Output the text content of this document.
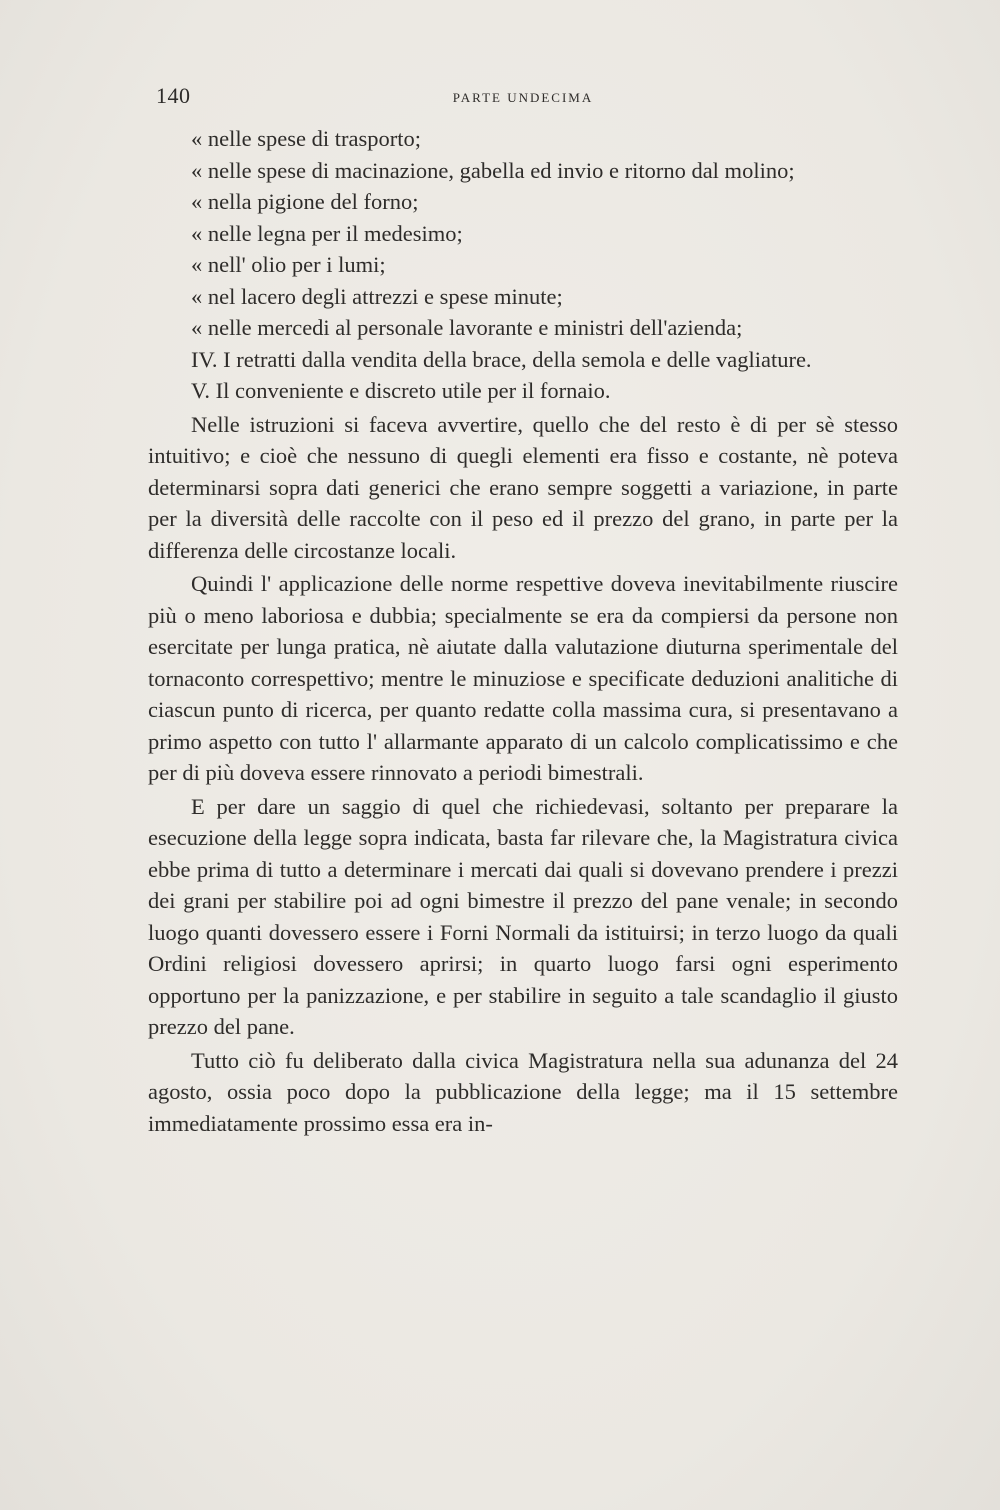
140	PARTE UNDECIMA

« nelle spese di trasporto;

« nelle spese di macinazione, gabella ed invio e ritorno dal molino;

« nella pigione del forno;

« nelle legna per il medesimo;

« nell' olio per i lumi;

« nel lacero degli attrezzi e spese minute;

« nelle mercedi al personale lavorante e ministri dell'azienda;

IV. I retratti dalla vendita della brace, della semola e delle vagliature.

V. Il conveniente e discreto utile per il fornaio.

Nelle istruzioni si faceva avvertire, quello che del resto è di per sè stesso intuitivo; e cioè che nessuno di quegli elementi era fisso e costante, nè poteva determinarsi sopra dati generici che erano sempre soggetti a variazione, in parte per la diversità delle raccolte con il peso ed il prezzo del grano, in parte per la differenza delle circostanze locali.

Quindi l' applicazione delle norme respettive doveva inevitabilmente riuscire più o meno laboriosa e dubbia; specialmente se era da compiersi da persone non esercitate per lunga pratica, nè aiutate dalla valutazione diuturna sperimentale del tornaconto correspettivo; mentre le minuziose e specificate deduzioni analitiche di ciascun punto di ricerca, per quanto redatte colla massima cura, si presentavano a primo aspetto con tutto l' allarmante apparato di un calcolo complicatissimo e che per di più doveva essere rinnovato a periodi bimestrali.

E per dare un saggio di quel che richiedevasi, soltanto per preparare la esecuzione della legge sopra indicata, basta far rilevare che, la Magistratura civica ebbe prima di tutto a determinare i mercati dai quali si dovevano prendere i prezzi dei grani per stabilire poi ad ogni bimestre il prezzo del pane venale; in secondo luogo quanti dovessero essere i Forni Normali da istituirsi; in terzo luogo da quali Ordini religiosi dovessero aprirsi; in quarto luogo farsi ogni esperimento opportuno per la panizzazione, e per stabilire in seguito a tale scandaglio il giusto prezzo del pane.

Tutto ciò fu deliberato dalla civica Magistratura nella sua adunanza del 24 agosto, ossia poco dopo la pubblicazione della legge; ma il 15 settembre immediatamente prossimo essa era in-
